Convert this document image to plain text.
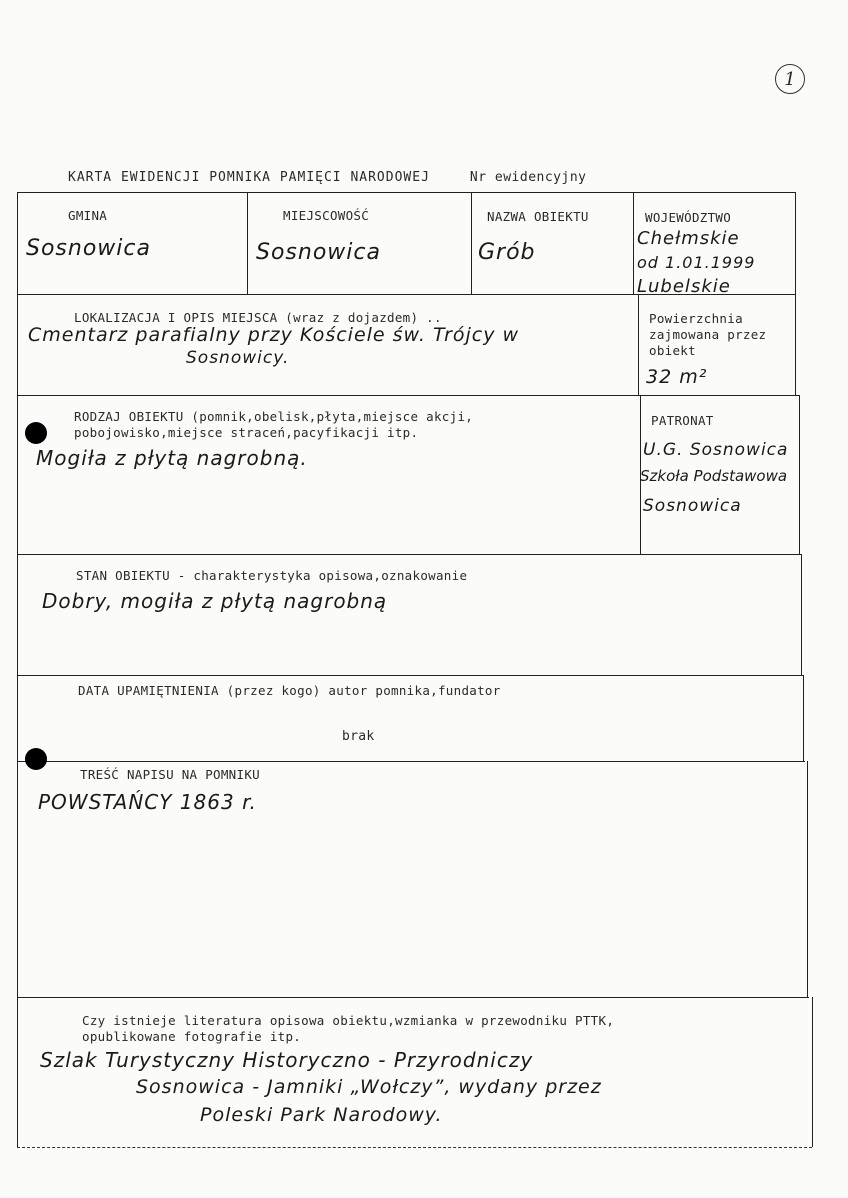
1
KARTA EWIDENCJI POMNIKA PAMIĘCI NARODOWEJ	Nr ewidencyjny
GMINA
Sosnowica
MIEJSCOWOŚĆ
Sosnowica
NAZWA OBIEKTU
Grób
WOJEWÓDZTWO
Chełmskie
od 1.01.1999
Lubelskie
LOKALIZACJA I OPIS MIEJSCA (wraz z dojazdem) ..
Cmentarz parafialny przy Kościele św. Trójcy w
Sosnowicy.
Powierzchnia
zajmowana przez
obiekt
32 m²
RODZAJ OBIEKTU (pomnik,obelisk,płyta,miejsce akcji,
pobojowisko,miejsce straceń,pacyfikacji itp.
Mogiła z płytą nagrobną.
PATRONAT
U.G. Sosnowica
Szkoła Podstawowa
Sosnowica
STAN OBIEKTU - charakterystyka opisowa,oznakowanie
Dobry, mogiła z płytą nagrobną
DATA UPAMIĘTNIENIA (przez kogo) autor pomnika,fundator
brak
TREŚĆ NAPISU NA POMNIKU
POWSTAŃCY 1863 r.
Czy istnieje literatura opisowa obiektu,wzmianka w przewodniku PTTK,
opublikowane fotografie itp.
Szlak Turystyczny Historyczno - Przyrodniczy
Sosnowica - Jamniki „Wołczy”, wydany przez
Poleski Park Narodowy.
